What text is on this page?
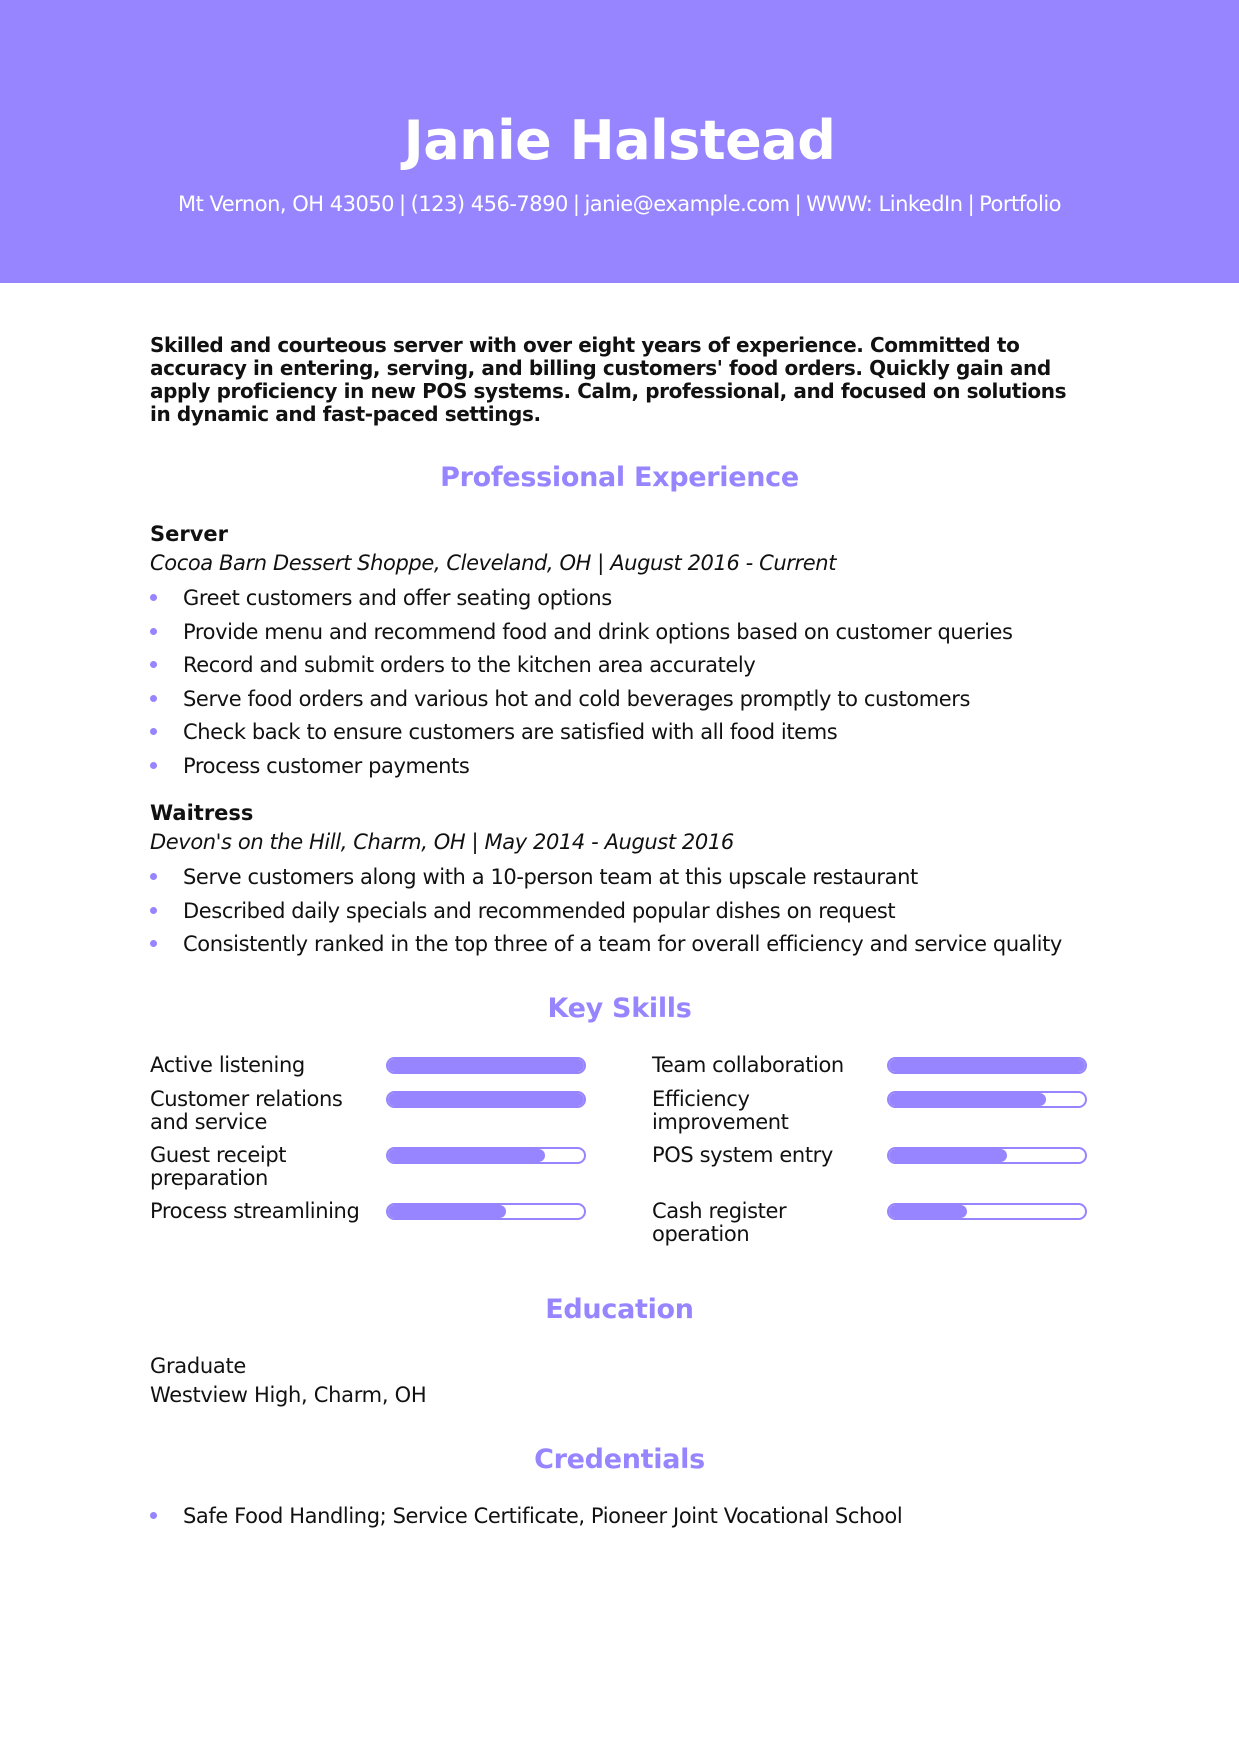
Janie Halstead
Mt Vernon, OH 43050 | (123) 456-7890 | janie@example.com | WWW: LinkedIn | Portfolio
Skilled and courteous server with over eight years of experience. Committed to accuracy in entering, serving, and billing customers' food orders. Quickly gain and apply proficiency in new POS systems. Calm, professional, and focused on solutions in dynamic and fast-paced settings.
Professional Experience
Server
Cocoa Barn Dessert Shoppe, Cleveland, OH | August 2016 - Current
Greet customers and offer seating options
Provide menu and recommend food and drink options based on customer queries
Record and submit orders to the kitchen area accurately
Serve food orders and various hot and cold beverages promptly to customers
Check back to ensure customers are satisfied with all food items
Process customer payments
Waitress
Devon's on the Hill, Charm, OH | May 2014 - August 2016
Serve customers along with a 10-person team at this upscale restaurant
Described daily specials and recommended popular dishes on request
Consistently ranked in the top three of a team for overall efficiency and service quality
Key Skills
Active listening	Team collaboration
Customer relations and service
Efficiency improvement
Guest receipt preparation
POS system entry
Process streamlining	Cash register operation
Education
Graduate
Westview High, Charm, OH
Credentials
Safe Food Handling; Service Certificate, Pioneer Joint Vocational School
